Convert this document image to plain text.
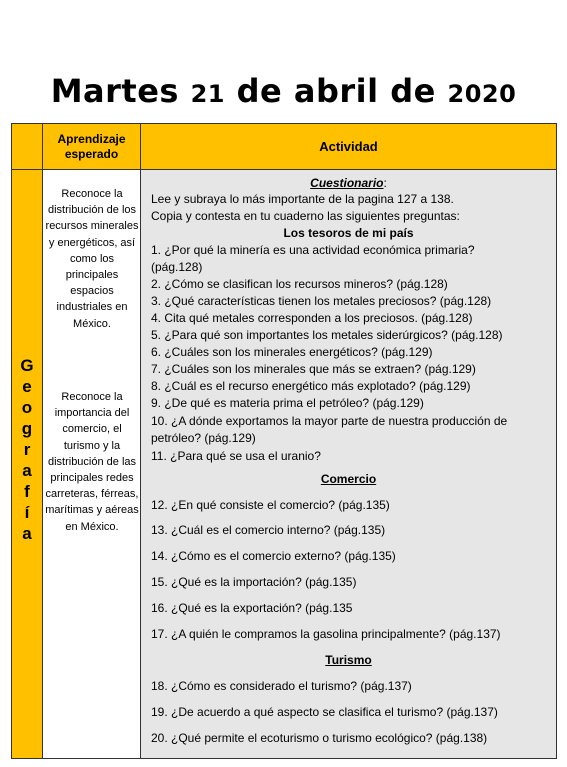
Martes 21 de abril de 2020
Aprendizaje esperado	Actividad
G
e
o
g
r
a
f
í
a
Reconoce la distribución de los recursos minerales y energéticos, así como los principales espacios industriales en México.
Reconoce la importancia del comercio, el turismo y la distribución de las principales redes carreteras, férreas, marítimas y aéreas en México.
Cuestionario:
Lee y subraya lo más importante de la pagina 127 a 138.
Copia y contesta en tu cuaderno las siguientes preguntas:
Los tesoros de mi país
1. ¿Por qué la minería es una actividad económica primaria?
(pág.128)
2. ¿Cómo se clasifican los recursos mineros? (pág.128)
3. ¿Qué características tienen los metales preciosos? (pág.128)
4. Cita qué metales corresponden a los preciosos. (pág.128)
5. ¿Para qué son importantes los metales siderúrgicos? (pág.128)
6. ¿Cuáles son los minerales energéticos? (pág.129)
7. ¿Cuáles son los minerales que más se extraen? (pág.129)
8. ¿Cuál es el recurso energético más explotado? (pág.129)
9. ¿De qué es materia prima el petróleo? (pág.129)
10. ¿A dónde exportamos la mayor parte de nuestra producción de
petróleo? (pág.129)
11. ¿Para qué se usa el uranio?
Comercio
12. ¿En qué consiste el comercio? (pág.135)
13. ¿Cuál es el comercio interno? (pág.135)
14. ¿Cómo es el comercio externo? (pág.135)
15. ¿Qué es la importación? (pág.135)
16. ¿Qué es la exportación? (pág.135
17. ¿A quién le compramos la gasolina principalmente? (pág.137)
Turismo
18. ¿Cómo es considerado el turismo? (pág.137)
19. ¿De acuerdo a qué aspecto se clasifica el turismo? (pág.137)
20. ¿Qué permite el ecoturismo o turismo ecológico? (pág.138)
